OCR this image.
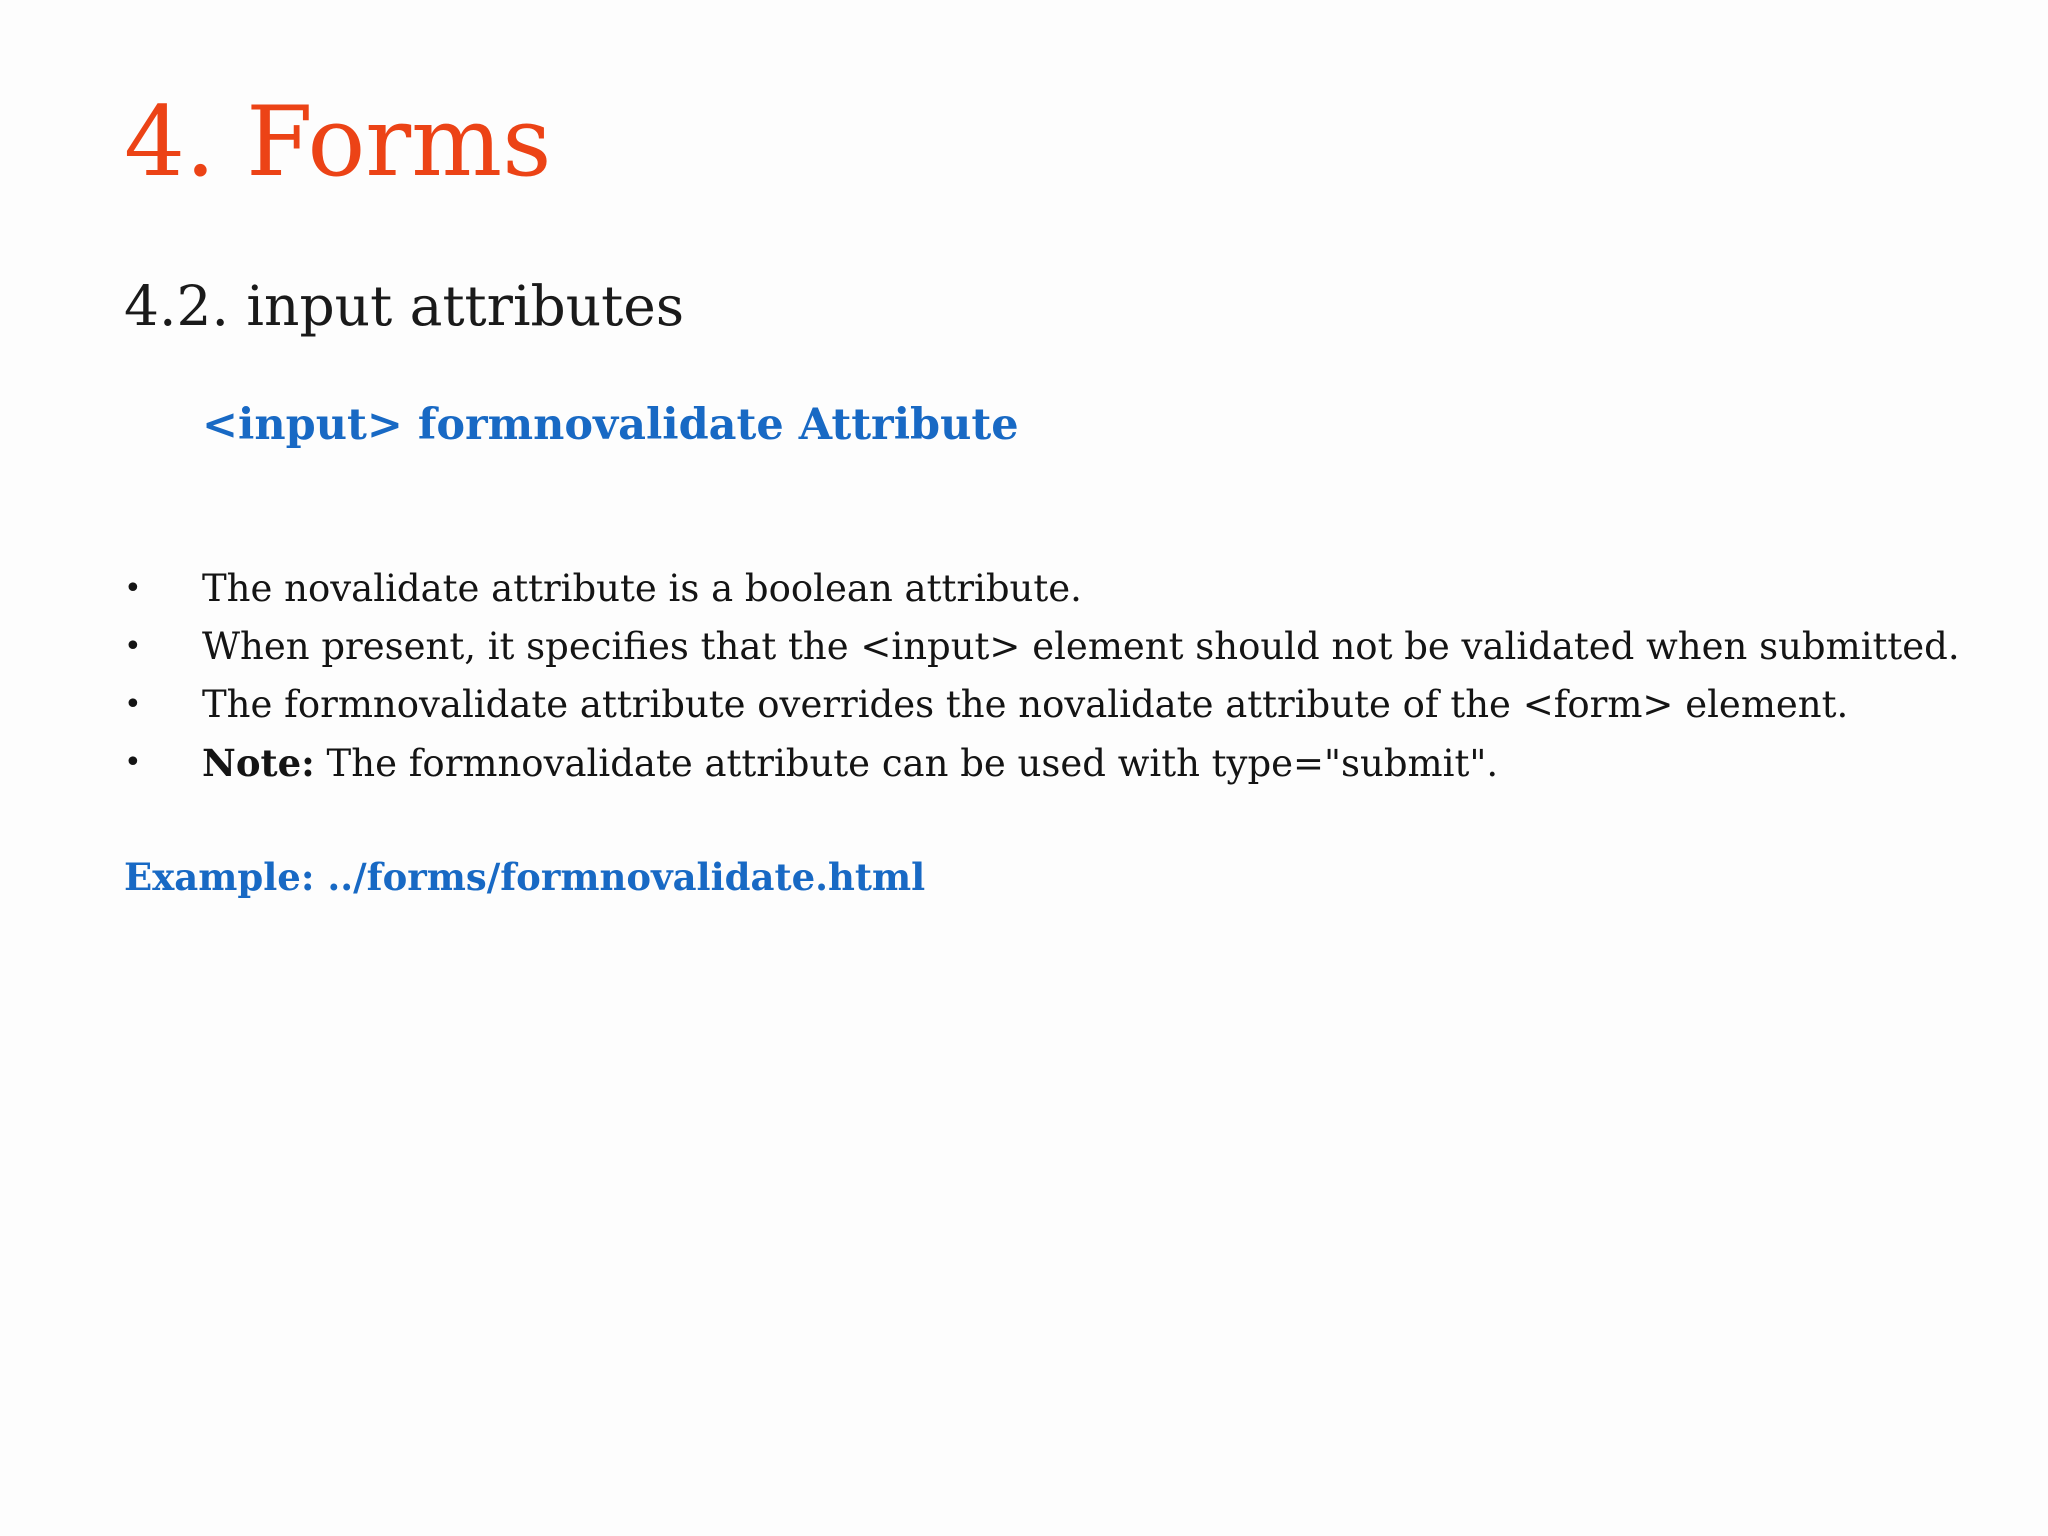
4. Forms
4.2. input attributes
<input> formnovalidate Attribute
•	The novalidate attribute is a boolean attribute.
•	When present, it specifies that the <input> element should not be validated when submitted.
•	The formnovalidate attribute overrides the novalidate attribute of the <form> element.
•	Note: The formnovalidate attribute can be used with type="submit".

Example: ../forms/formnovalidate.html
